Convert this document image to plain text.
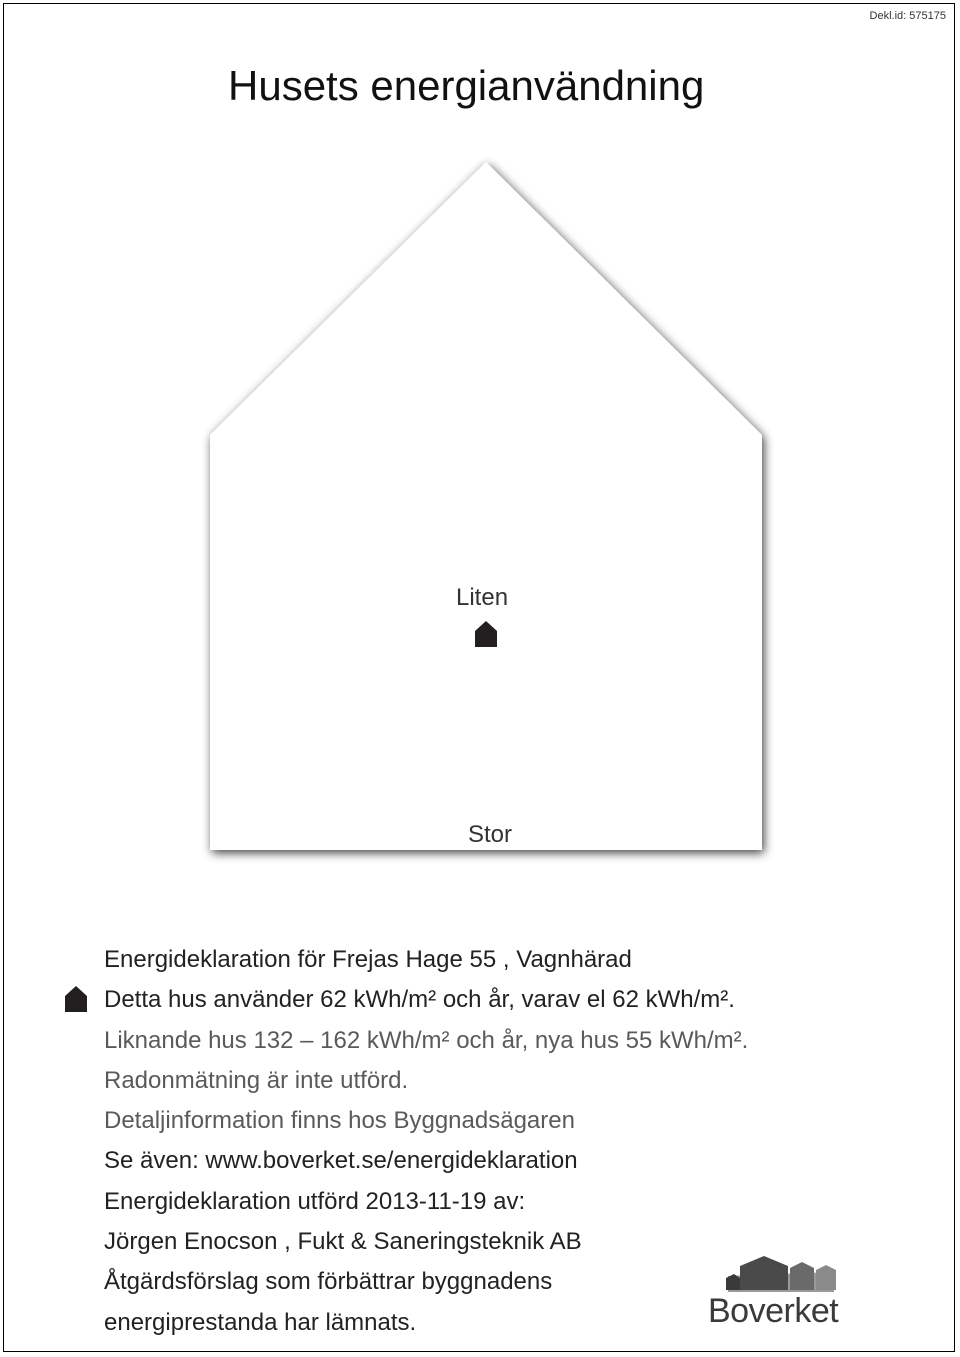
Dekl.id: 575175
Husets energianvändning
Liten
Stor
Energideklaration för Frejas Hage 55 , Vagnhärad
Detta hus använder 62 kWh/m² och år, varav el 62 kWh/m².
Liknande hus 132 – 162 kWh/m² och år, nya hus 55 kWh/m².
Radonmätning är inte utförd.
Detaljinformation finns hos Byggnadsägaren
Se även: www.boverket.se/energideklaration
Energideklaration utförd 2013-11-19 av:
Jörgen Enocson , Fukt & Saneringsteknik AB
Åtgärdsförslag som förbättrar byggnadens
energiprestanda har lämnats.	Boverket
